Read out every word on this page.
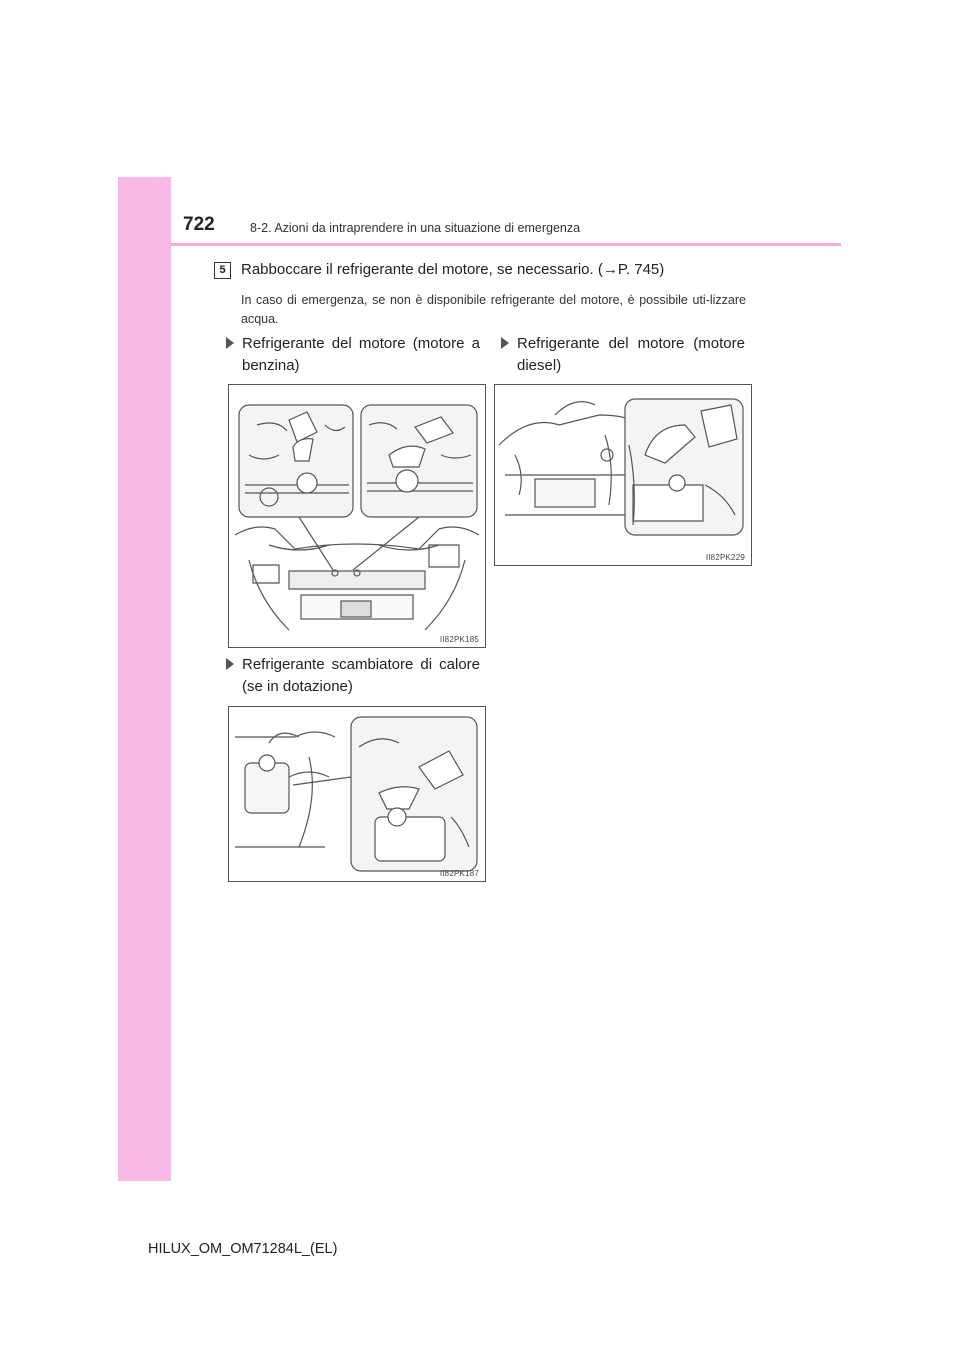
722	8-2. Azioni da intraprendere in una situazione di emergenza
5	Rabboccare il refrigerante del motore, se necessario. (→P. 745)
In caso di emergenza, se non è disponibile refrigerante del motore, è possibile uti-lizzare acqua.
Refrigerante del motore (motore a benzina)
Refrigerante del motore (motore diesel)
II82PK185
II82PK229
Refrigerante scambiatore di calore (se in dotazione)
II82PK187
HILUX_OM_OM71284L_(EL)
